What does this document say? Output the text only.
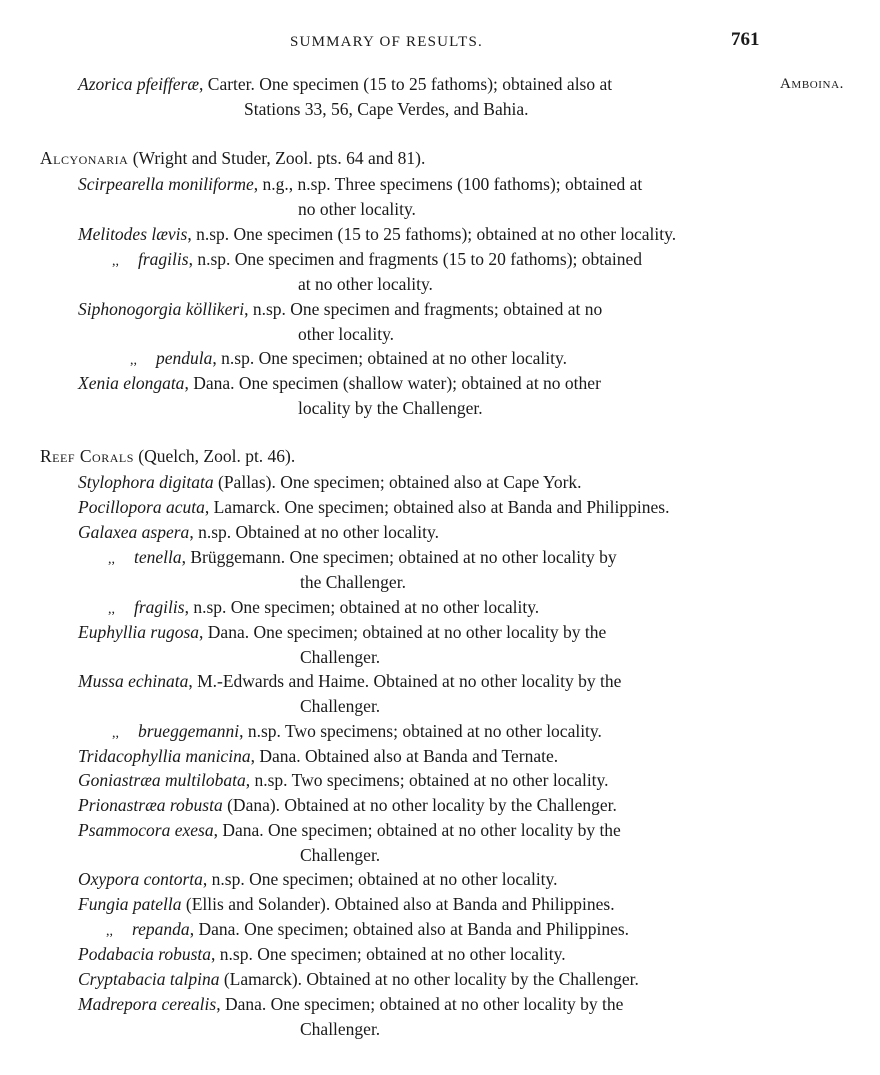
SUMMARY OF RESULTS.	761
Azorica pfeifferæ, Carter. One specimen (15 to 25 fathoms); obtained also at	Amboina.
Stations 33, 56, Cape Verdes, and Bahia.
Alcyonaria (Wright and Studer, Zool. pts. 64 and 81).
Scirpearella moniliforme, n.g., n.sp. Three specimens (100 fathoms); obtained at
no other locality.
Melitodes lævis, n.sp. One specimen (15 to 25 fathoms); obtained at no other locality.
,, fragilis, n.sp. One specimen and fragments (15 to 20 fathoms); obtained
at no other locality.
Siphonogorgia köllikeri, n.sp. One specimen and fragments; obtained at no
other locality.
,, pendula, n.sp. One specimen; obtained at no other locality.
Xenia elongata, Dana. One specimen (shallow water); obtained at no other
locality by the Challenger.
Reef Corals (Quelch, Zool. pt. 46).
Stylophora digitata (Pallas). One specimen; obtained also at Cape York.
Pocillopora acuta, Lamarck. One specimen; obtained also at Banda and Philippines.
Galaxea aspera, n.sp. Obtained at no other locality.
,, tenella, Brüggemann. One specimen; obtained at no other locality by
the Challenger.
,, fragilis, n.sp. One specimen; obtained at no other locality.
Euphyllia rugosa, Dana. One specimen; obtained at no other locality by the
Challenger.
Mussa echinata, M.-Edwards and Haime. Obtained at no other locality by the
Challenger.
,, brueggemanni, n.sp. Two specimens; obtained at no other locality.
Tridacophyllia manicina, Dana. Obtained also at Banda and Ternate.
Goniastræa multilobata, n.sp. Two specimens; obtained at no other locality.
Prionastræa robusta (Dana). Obtained at no other locality by the Challenger.
Psammocora exesa, Dana. One specimen; obtained at no other locality by the
Challenger.
Oxypora contorta, n.sp. One specimen; obtained at no other locality.
Fungia patella (Ellis and Solander). Obtained also at Banda and Philippines.
,, repanda, Dana. One specimen; obtained also at Banda and Philippines.
Podabacia robusta, n.sp. One specimen; obtained at no other locality.
Cryptabacia talpina (Lamarck). Obtained at no other locality by the Challenger.
Madrepora cerealis, Dana. One specimen; obtained at no other locality by the
Challenger.
